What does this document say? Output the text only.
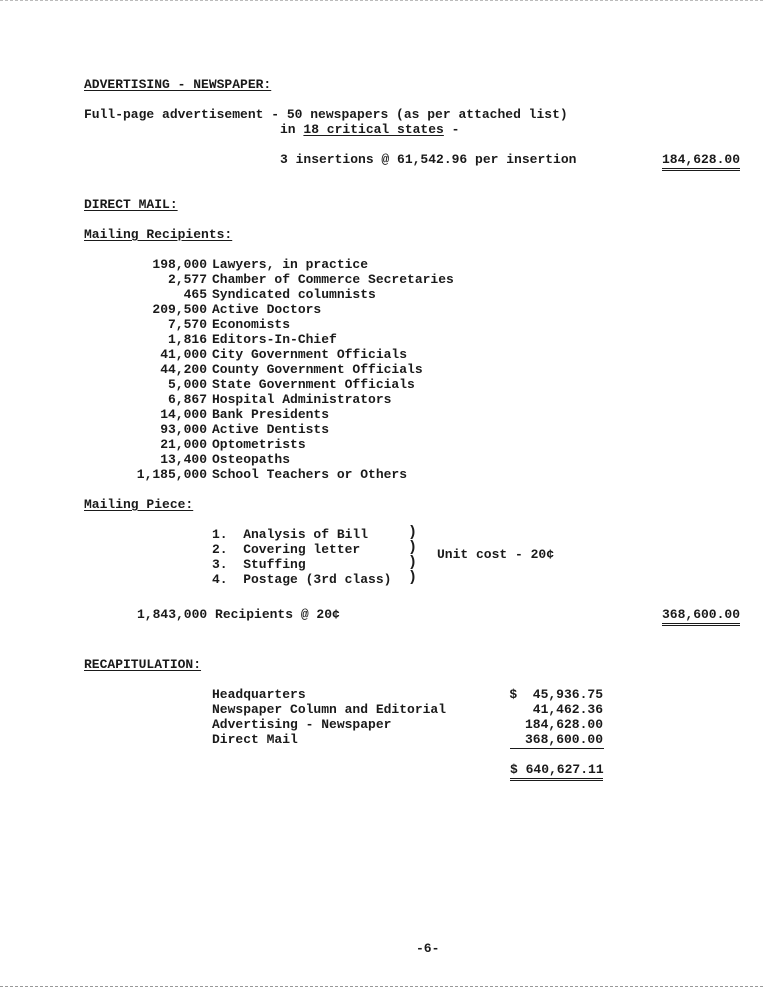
ADVERTISING - NEWSPAPER:
Full-page advertisement - 50 newspapers (as per attached list)
in 18 critical states -
3 insertions @ 61,542.96 per insertion	184,628.00
DIRECT MAIL:
Mailing Recipients:
198,000 Lawyers, in practice
2,577 Chamber of Commerce Secretaries
465 Syndicated columnists
209,500 Active Doctors
7,570 Economists
1,816 Editors-In-Chief
41,000 City Government Officials
44,200 County Government Officials
5,000 State Government Officials
6,867 Hospital Administrators
14,000 Bank Presidents
93,000 Active Dentists
21,000 Optometrists
13,400 Osteopaths
1,185,000 School Teachers or Others
Mailing Piece:
1.  Analysis of Bill
2.  Covering letter
3.  Stuffing
4.  Postage (3rd class)
)
)
)
)
Unit cost - 20¢
1,843,000 Recipients @ 20¢	368,600.00
RECAPITULATION:
Headquarters	$  45,936.75
Newspaper Column and Editorial	41,462.36
Advertising - Newspaper	184,628.00
Direct Mail	368,600.00
$ 640,627.11
-6-
